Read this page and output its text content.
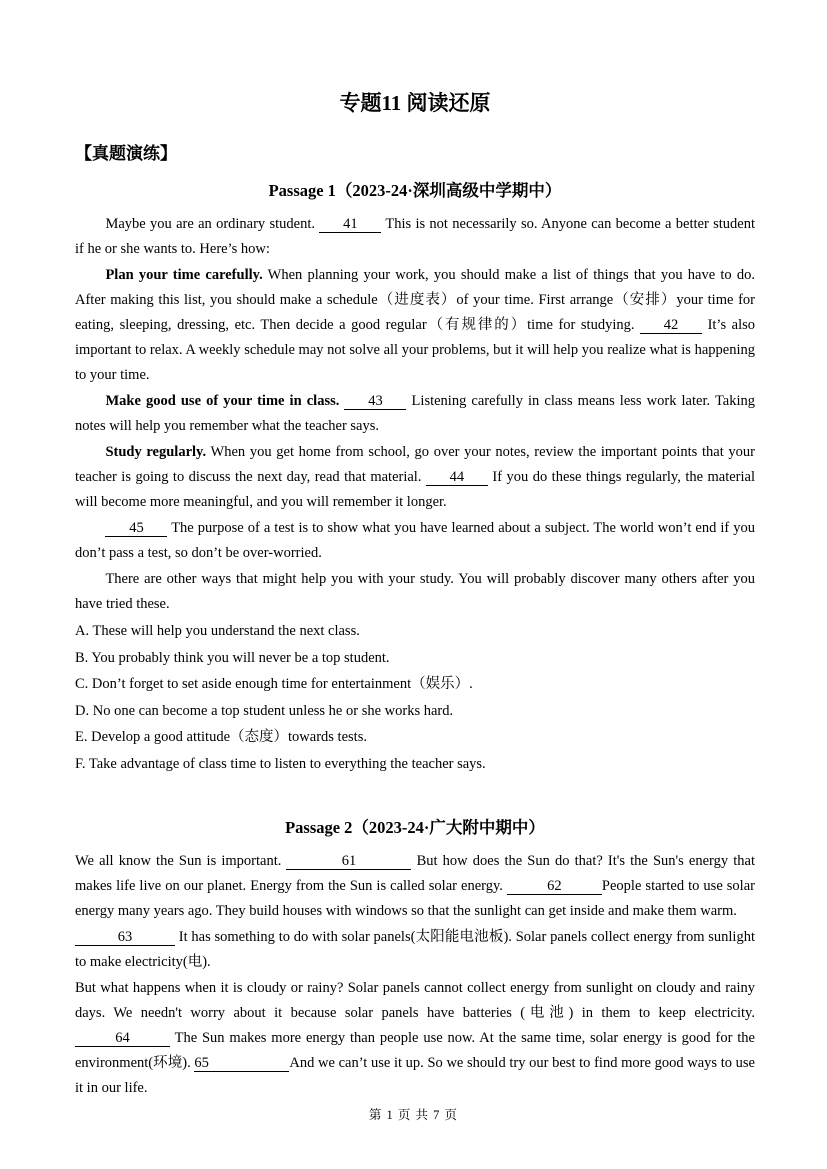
专题11 阅读还原
【真题演练】
Passage 1（2023-24·深圳高级中学期中）

Maybe you are an ordinary student. 41 This is not necessarily so. Anyone can become a better student if he or she wants to. Here’s how:

Plan your time carefully. When planning your work, you should make a list of things that you have to do. After making this list, you should make a schedule（进度表）of your time. First arrange（安排）your time for eating, sleeping, dressing, etc. Then decide a good regular（有规律的）time for studying. 42 It’s also important to relax. A weekly schedule may not solve all your problems, but it will help you realize what is happening to your time.

Make good use of your time in class. 43 Listening carefully in class means less work later. Taking notes will help you remember what the teacher says.

Study regularly. When you get home from school, go over your notes, review the important points that your teacher is going to discuss the next day, read that material. 44 If you do these things regularly, the material will become more meaningful, and you will remember it longer.

45 The purpose of a test is to show what you have learned about a subject. The world won’t end if you don’t pass a test, so don’t be over-worried.

There are other ways that might help you with your study. You will probably discover many others after you have tried these.

A. These will help you understand the next class.

B. You probably think you will never be a top student.

C. Don’t forget to set aside enough time for entertainment（娱乐）.

D. No one can become a top student unless he or she works hard.

E. Develop a good attitude（态度）towards tests.

F. Take advantage of class time to listen to everything the teacher says.

Passage 2（2023-24·广大附中期中）

We all know the Sun is important.	61	But how does the Sun do that? It's the Sun's energy that makes life live on our planet. Energy from the Sun is called solar energy.	62	People started to use solar energy many years ago. They build houses with windows so that the sunlight can get inside and make them warm.

63	It has something to do with solar panels(太阳能电池板). Solar panels collect energy from sunlight to make electricity(电).

But what happens when it is cloudy or rainy? Solar panels cannot collect energy from sunlight on cloudy and rainy days. We needn't worry about it because solar panels have batteries (电池) in them to keep electricity. 64	The Sun makes more energy than people use now. At the same time, solar energy is good for the environment(环境). 65	And we can’t use it up. So we should try our best to find more good ways to use it in our life.

第 1 页 共 7 页
